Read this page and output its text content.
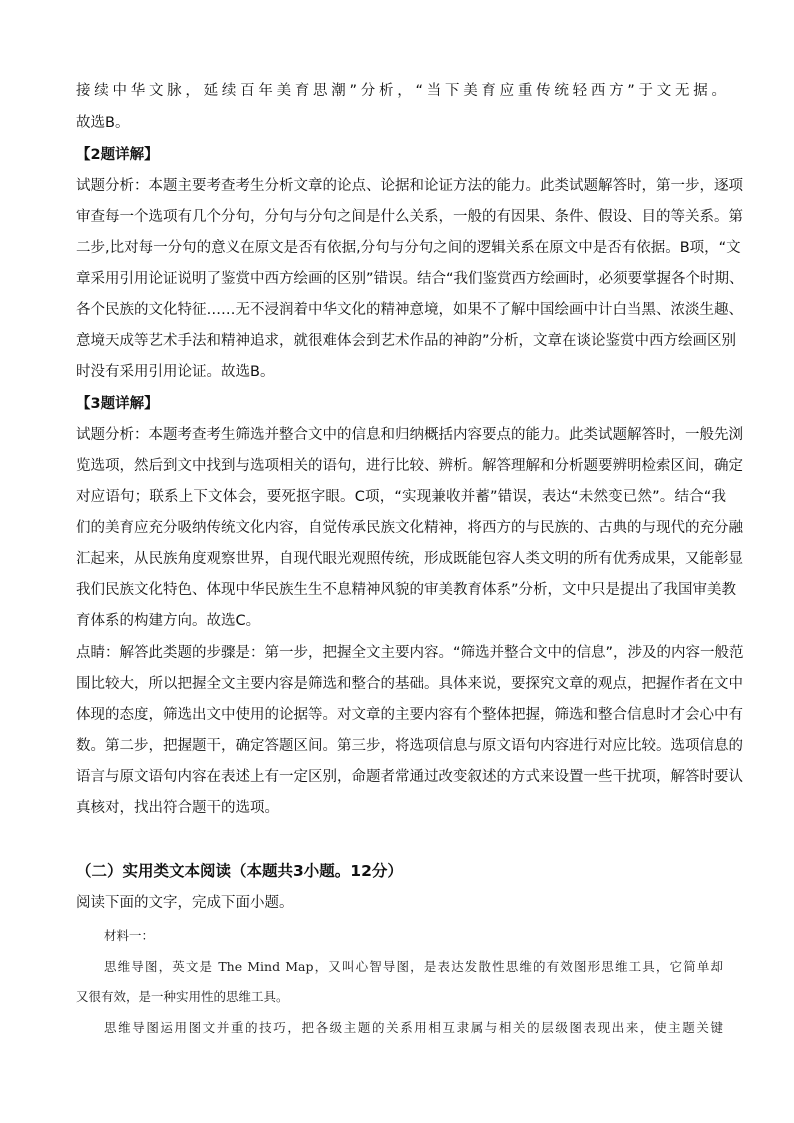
接续中华文脉，延续百年美育思潮”分析，“当下美育应重传统轻西方”于文无据。
故选B。
【2题详解】
试题分析：本题主要考查考生分析文章的论点、论据和论证方法的能力。此类试题解答时，第一步，逐项
审查每一个选项有几个分句，分句与分句之间是什么关系，一般的有因果、条件、假设、目的等关系。第
二步,比对每一分句的意义在原文是否有依据,分句与分句之间的逻辑关系在原文中是否有依据。B项，“文
章采用引用论证说明了鉴赏中西方绘画的区别”错误。结合“我们鉴赏西方绘画时，必须要掌握各个时期、
各个民族的文化特征……无不浸润着中华文化的精神意境，如果不了解中国绘画中计白当黑、浓淡生趣、
意境天成等艺术手法和精神追求，就很难体会到艺术作品的神韵”分析，文章在谈论鉴赏中西方绘画区别
时没有采用引用论证。故选B。
【3题详解】
试题分析：本题考查考生筛选并整合文中的信息和归纳概括内容要点的能力。此类试题解答时，一般先浏
览选项，然后到文中找到与选项相关的语句，进行比较、辨析。解答理解和分析题要辨明检索区间，确定
对应语句；联系上下文体会，要死抠字眼。C项，“实现兼收并蓄”错误，表达“未然变已然”。结合“我
们的美育应充分吸纳传统文化内容，自觉传承民族文化精神，将西方的与民族的、古典的与现代的充分融
汇起来，从民族角度观察世界，自现代眼光观照传统，形成既能包容人类文明的所有优秀成果，又能彰显
我们民族文化特色、体现中华民族生生不息精神风貌的审美教育体系”分析，文中只是提出了我国审美教
育体系的构建方向。故选C。
点睛：解答此类题的步骤是：第一步，把握全文主要内容。“筛选并整合文中的信息”，涉及的内容一般范
围比较大，所以把握全文主要内容是筛选和整合的基础。具体来说，要探究文章的观点，把握作者在文中
体现的态度，筛选出文中使用的论据等。对文章的主要内容有个整体把握，筛选和整合信息时才会心中有
数。第二步，把握题干，确定答题区间。第三步，将选项信息与原文语句内容进行对应比较。选项信息的
语言与原文语句内容在表述上有一定区别，命题者常通过改变叙述的方式来设置一些干扰项，解答时要认
真核对，找出符合题干的选项。
（二）实用类文本阅读（本题共3小题。12分）
阅读下面的文字，完成下面小题。
材料一：
思维导图，英文是 The Mind Map，又叫心智导图，是表达发散性思维的有效图形思维工具，它简单却
又很有效，是一种实用性的思维工具。
思维导图运用图文并重的技巧，把各级主题的关系用相互隶属与相关的层级图表现出来，使主题关键
